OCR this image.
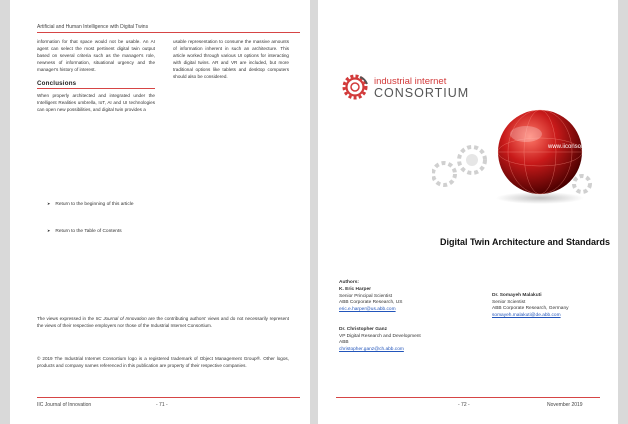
Artificial and Human Intelligence with Digital Twins

information for that space would not be usable. An AI agent can select the most pertinent digital twin output based on several criteria such as the manager's role, newness of information, situational urgency and the manager's history of interest.

Conclusions

When properly architected and integrated under the Intelligent Realities umbrella, IoT, AI and UI technologies can open new possibilities, and digital twin provides a

usable representation to consume the massive amounts of information inherent in such an architecture. This article worked through various UI options for interacting with digital twins. AR and VR are included, but more traditional options like tablets and desktop computers should also be considered.

➤ Return to the beginning of this article
➤ Return to the Table of Contents
The views expressed in the IIC Journal of Innovation are the contributing authors' views and do not necessarily represent the views of their respective employers nor those of the Industrial Internet Consortium.
© 2019 The Industrial Internet Consortium logo is a registered trademark of Object Management Group®. Other logos, products and company names referenced in this publication are property of their respective companies.
IIC Journal of Innovation	- 71 -
industrial internet
CONSORTIUM
www.iiconsortium.org
Digital Twin Architecture and Standards
Authors:
K. Eric Harper
Senior Principal Scientist
ABB Corporate Research, US
eric.e.harper@us.abb.com
Dr. Christopher Ganz
VP Digital Research and Development
ABB
christopher.ganz@ch.abb.com
Dr. Somayeh Malakuti
Senior Scientist
ABB Corporate Research, Germany
somayeh.malakuti@de.abb.com
- 72 -	November 2019
